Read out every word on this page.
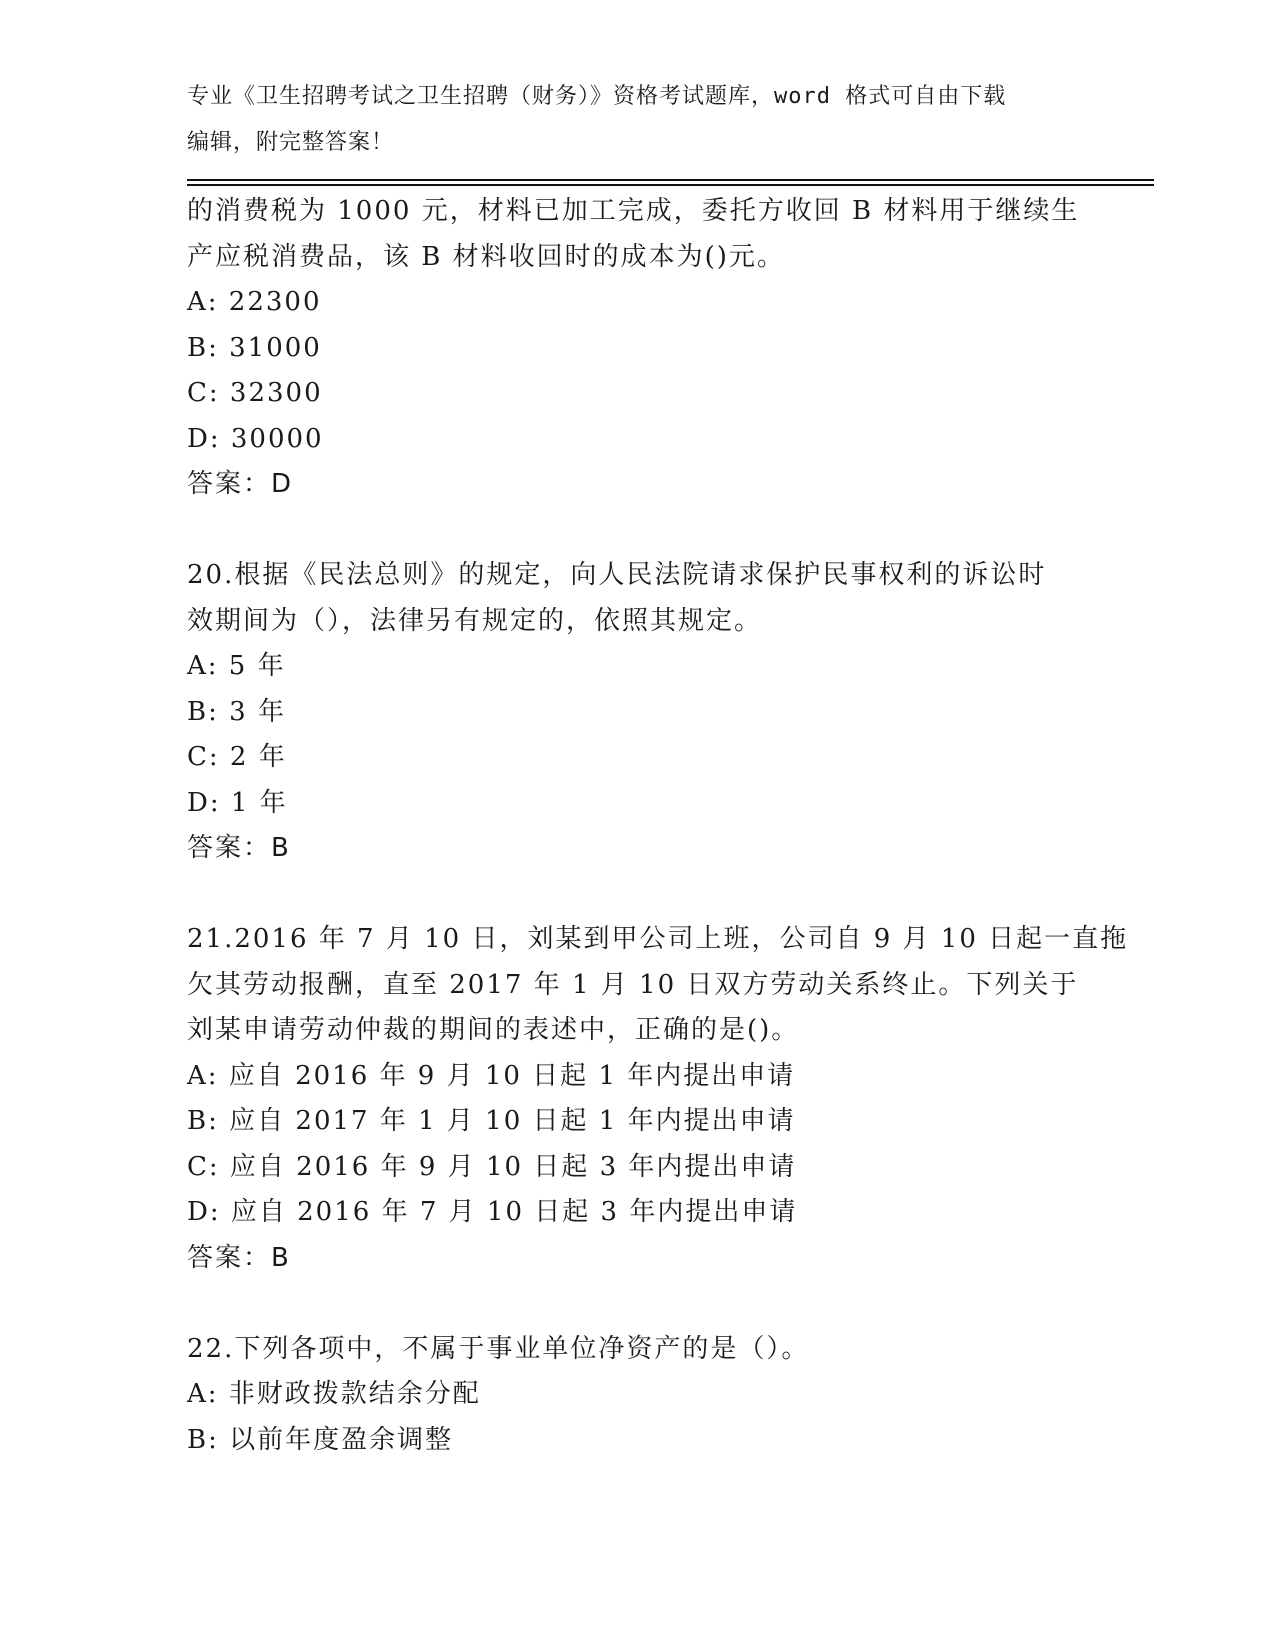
专业《卫生招聘考试之卫生招聘（财务）》资格考试题库，word 格式可自由下载
编辑，附完整答案！
的消费税为 1000 元，材料已加工完成，委托方收回 B 材料用于继续生
产应税消费品，该 B 材料收回时的成本为()元。
A: 22300
B: 31000
C: 32300
D: 30000
答案：D
20.根据《民法总则》的规定，向人民法院请求保护民事权利的诉讼时
效期间为（），法律另有规定的，依照其规定。
A: 5 年
B: 3 年
C: 2 年
D: 1 年
答案：B
21.2016 年 7 月 10 日，刘某到甲公司上班，公司自 9 月 10 日起一直拖
欠其劳动报酬，直至 2017 年 1 月 10 日双方劳动关系终止。下列关于
刘某申请劳动仲裁的期间的表述中，正确的是()。
A: 应自 2016 年 9 月 10 日起 1 年内提出申请
B: 应自 2017 年 1 月 10 日起 1 年内提出申请
C: 应自 2016 年 9 月 10 日起 3 年内提出申请
D: 应自 2016 年 7 月 10 日起 3 年内提出申请
答案：B
22.下列各项中，不属于事业单位净资产的是（）。
A: 非财政拨款结余分配
B: 以前年度盈余调整
